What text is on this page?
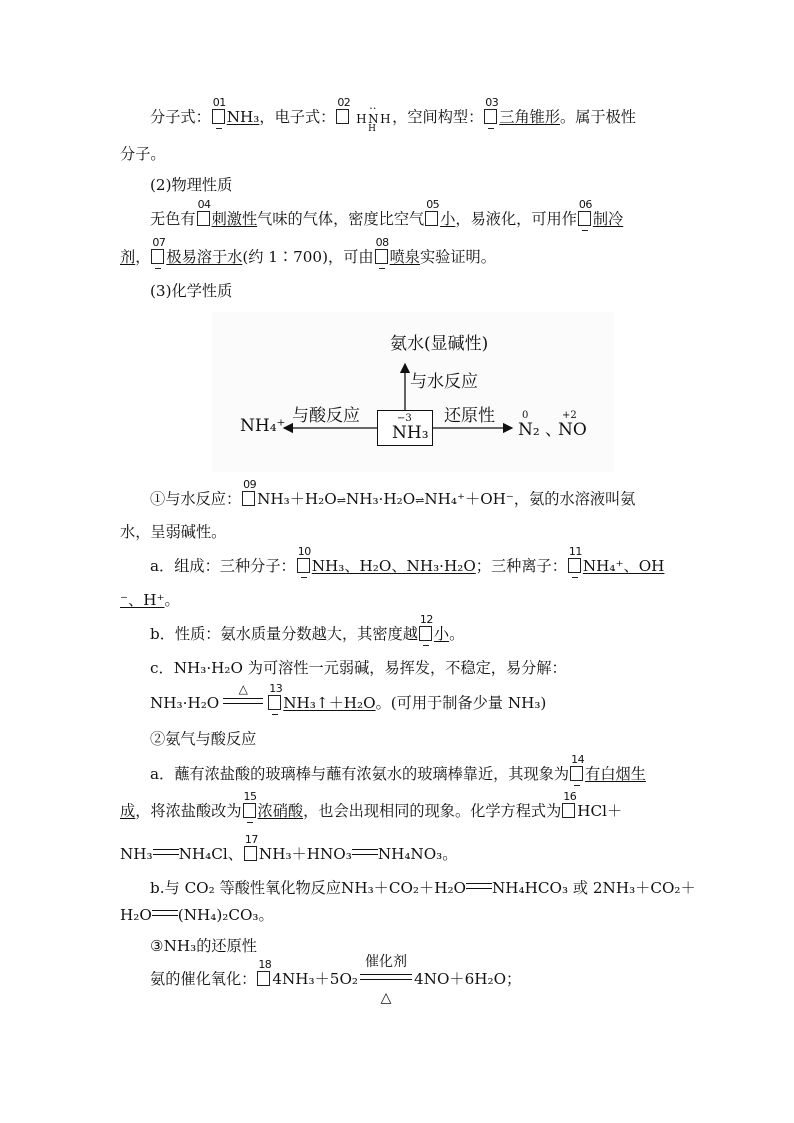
分子式：
01
NH₃，电子式：
02

H
‥ N H
H
，空间构型：
03
三角锥形。属于极性
分子。
(2)物理性质
无色有
04
刺激性气味的气体，密度比空气
05
小，易液化，可用作
06
制冷
剂，
07
极易溶于水(约 1∶700)，可由
08
喷泉实验证明。
(3)化学性质
氨水(显碱性)
与水反应
与酸反应	还原性
NH₄⁺	−3
NH₃
0
N₂ 、
+2
NO
①与水反应：
09
NH₃＋H₂O⇌NH₃·H₂O⇌NH₄⁺＋OH⁻，氨的水溶液叫氨
水，呈弱碱性。
a．组成：三种分子：
10
NH₃、H₂O、NH₃·H₂O；三种离子：
11
NH₄⁺、OH
⁻、H⁺。
b．性质：氨水质量分数越大，其密度越
12
小。
c．NH₃·H₂O 为可溶性一元弱碱，易挥发，不稳定，易分解：
NH₃·H₂O
△	13
NH₃↑＋H₂O。(可用于制备少量 NH₃)
②氨气与酸反应
a．蘸有浓盐酸的玻璃棒与蘸有浓氨水的玻璃棒靠近，其现象为
14
有白烟生
成，将浓盐酸改为
15
浓硝酸，也会出现相同的现象。化学方程式为
16
HCl＋
NH₃ NH₄Cl、
17
NH₃＋HNO₃ NH₄NO₃。
b.与 CO₂ 等酸性氧化物反应NH₃＋CO₂＋H₂O NH₄HCO₃ 或 2NH₃＋CO₂＋
H₂O (NH₄)₂CO₃。
③NH₃的还原性
氨的催化氧化：
18
4NH₃＋5O₂
催化剂
△
4NO＋6H₂O；
